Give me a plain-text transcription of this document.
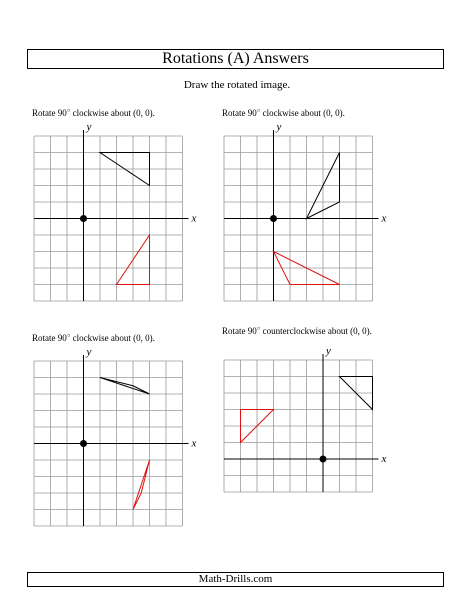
Rotations (A) Answers
Draw the rotated image.
Rotate 90○ clockwise about (0, 0).
x
y
Rotate 90○ clockwise about (0, 0).
x
y
Rotate 90○ clockwise about (0, 0).
x
y
Rotate 90○ counterclockwise about (0, 0).
x
y
Math-Drills.com
